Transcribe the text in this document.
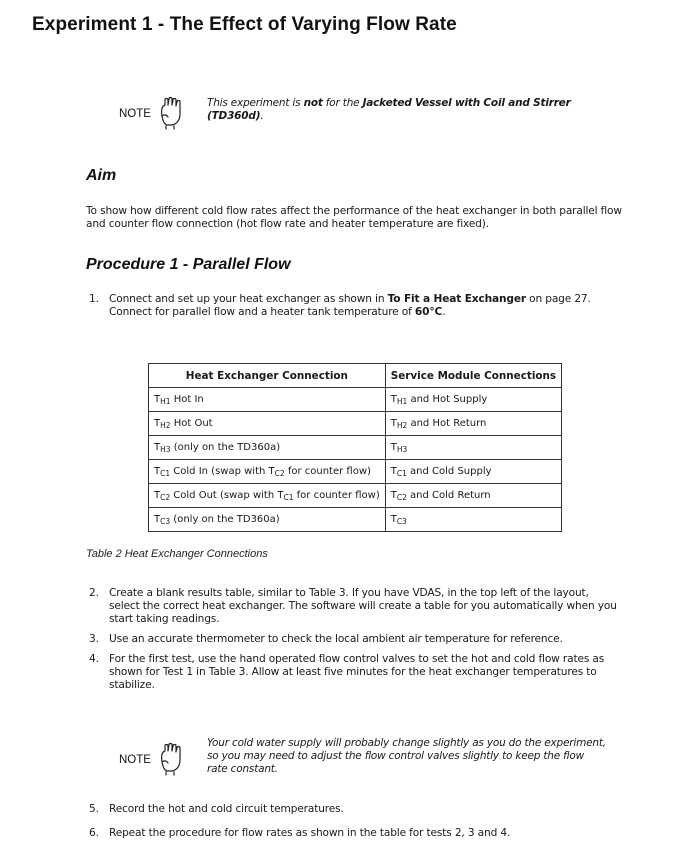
Experiment 1 - The Effect of Varying Flow Rate
NOTE
This experiment is not for the Jacketed Vessel with Coil and Stirrer (TD360d).
Aim
To show how different cold flow rates affect the performance of the heat exchanger in both parallel flow and counter flow connection (hot flow rate and heater temperature are fixed).
Procedure 1 - Parallel Flow
1. Connect and set up your heat exchanger as shown in To Fit a Heat Exchanger on page 27. Connect for parallel flow and a heater tank temperature of 60°C.
Heat Exchanger Connection	Service Module Connections
$T_{H1}$ Hot In	$T_{H1}$ and Hot Supply
$T_{H2}$ Hot Out	$T_{H2}$ and Hot Return
$T_{H3}$ (only on the TD360a)	$T_{H3}$
$T_{C1}$ Cold In (swap with $T_{C2}$ for counter flow)	$T_{C1}$ and Cold Supply
$T_{C2}$ Cold Out (swap with $T_{C1}$ for counter flow)	$T_{C2}$ and Cold Return
$T_{C3}$ (only on the TD360a)	$T_{C3}$
Table 2 Heat Exchanger Connections
2. Create a blank results table, similar to Table 3. If you have VDAS, in the top left of the layout, select the correct heat exchanger. The software will create a table for you automatically when you start taking readings.
3. Use an accurate thermometer to check the local ambient air temperature for reference.
4. For the first test, use the hand operated flow control valves to set the hot and cold flow rates as shown for Test 1 in Table 3. Allow at least five minutes for the heat exchanger temperatures to stabilize.
NOTE
Your cold water supply will probably change slightly as you do the experiment, so you may need to adjust the flow control valves slightly to keep the flow rate constant.
5. Record the hot and cold circuit temperatures.
6. Repeat the procedure for flow rates as shown in the table for tests 2, 3 and 4.
